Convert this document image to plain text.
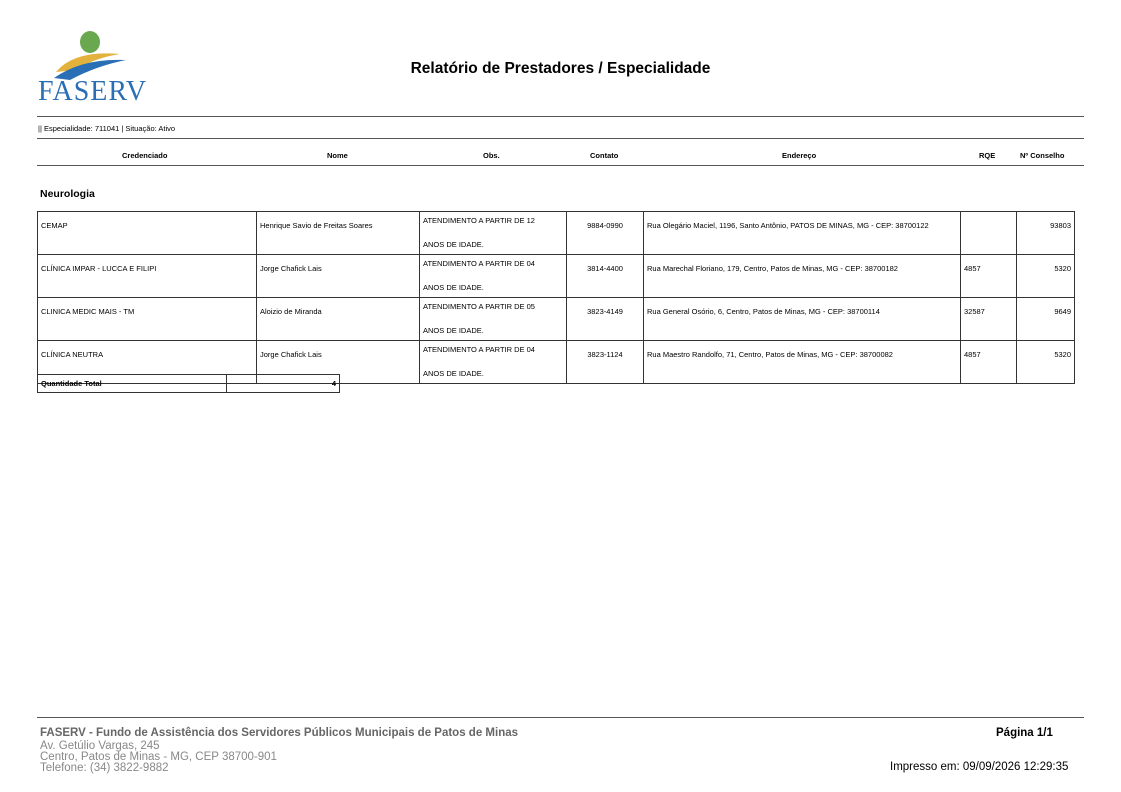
FASERV
Relatório de Prestadores / Especialidade
|| Especialidade: 711041 | Situação: Ativo
Credenciado	Nome	Obs.	Contato	Endereço	RQE	Nº Conselho
Neurologia
CEMAP	Henrique Savio de Freitas Soares	ATENDIMENTO A PARTIR DE 12
ANOS DE IDADE.	9884-0990	Rua Olegário Maciel, 1196, Santo Antônio, PATOS DE MINAS, MG - CEP: 38700122		93803
CLÍNICA IMPAR - LUCCA E FILIPI	Jorge Chafick Lais	ATENDIMENTO A PARTIR DE 04
ANOS DE IDADE.	3814-4400	Rua Marechal Floriano, 179, Centro, Patos de Minas, MG - CEP: 38700182	4857	5320
CLINICA MEDIC MAIS - TM	Aloizio de Miranda	ATENDIMENTO A PARTIR DE 05
ANOS DE IDADE.	3823-4149	Rua General Osório, 6, Centro, Patos de Minas, MG - CEP: 38700114	32587	9649
CLÍNICA NEUTRA	Jorge Chafick Lais	ATENDIMENTO A PARTIR DE 04
ANOS DE IDADE.	3823-1124	Rua Maestro Randolfo, 71, Centro, Patos de Minas, MG - CEP: 38700082	4857	5320
Quantidade Total	4
FASERV - Fundo de Assistência dos Servidores Públicos Municipais de Patos de Minas
Av. Getúlio Vargas, 245
Centro, Patos de Minas - MG, CEP 38700-901
Telefone: (34) 3822-9882
Página 1/1
Impresso em: 09/09/2026 12:29:35
